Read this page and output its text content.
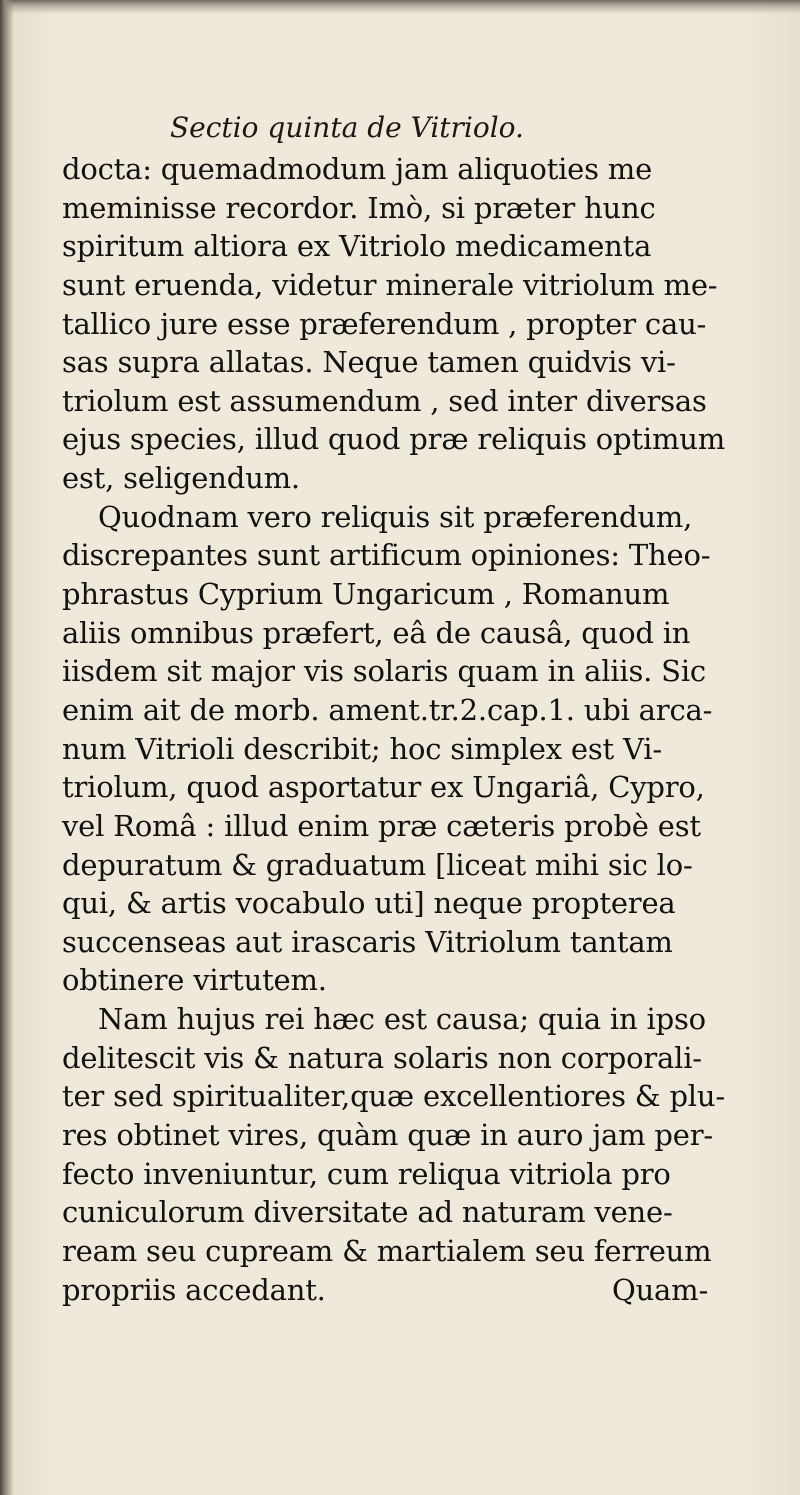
Sectio quinta de Vitriolo.
docta: quemadmodum jam aliquoties me
meminisse recordor. Imò, si præter hunc
spiritum altiora ex Vitriolo medicamenta
sunt eruenda, videtur minerale vitriolum me-
tallico jure esse præferendum , propter cau-
sas supra allatas. Neque tamen quidvis vi-
triolum est assumendum , sed inter diversas
ejus species, illud quod præ reliquis optimum
est, seligendum.
Quodnam vero reliquis sit præferendum,
discrepantes sunt artificum opiniones: Theo-
phrastus Cyprium Ungaricum , Romanum
aliis omnibus præfert, eâ de causâ, quod in
iisdem sit major vis solaris quam in aliis. Sic
enim ait de morb. ament.tr.2.cap.1. ubi arca-
num Vitrioli describit; hoc simplex est Vi-
triolum, quod asportatur ex Ungariâ, Cypro,
vel Româ : illud enim præ cæteris probè est
depuratum & graduatum [liceat mihi sic lo-
qui, & artis vocabulo uti] neque propterea
succenseas aut irascaris Vitriolum tantam
obtinere virtutem.
Nam hujus rei hæc est causa; quia in ipso
delitescit vis & natura solaris non corporali-
ter sed spiritualiter,quæ excellentiores & plu-
res obtinet vires, quàm quæ in auro jam per-
fecto inveniuntur, cum reliqua vitriola pro
cuniculorum diversitate ad naturam vene-
ream seu cupream & martialem seu ferreum
propriis accedant.	Quam-
